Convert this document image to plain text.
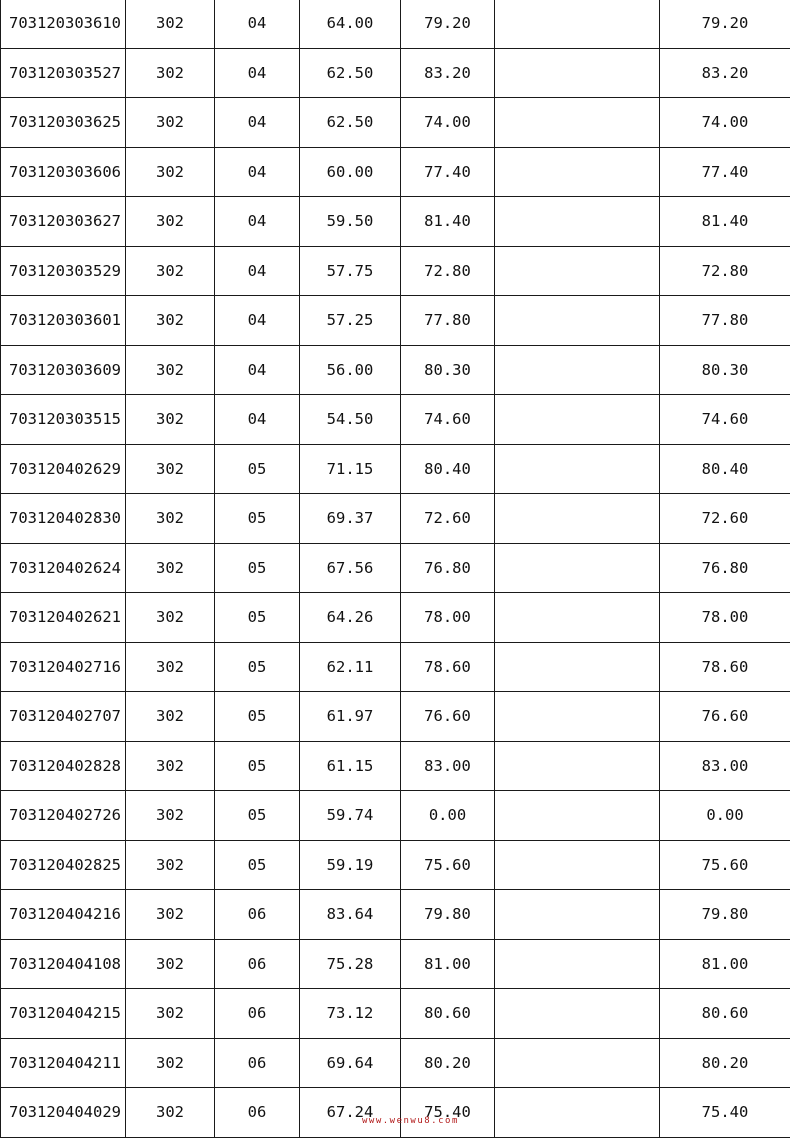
703120303610	302	04	64.00	79.20		79.20
703120303527	302	04	62.50	83.20		83.20
703120303625	302	04	62.50	74.00		74.00
703120303606	302	04	60.00	77.40		77.40
703120303627	302	04	59.50	81.40		81.40
703120303529	302	04	57.75	72.80		72.80
703120303601	302	04	57.25	77.80		77.80
703120303609	302	04	56.00	80.30		80.30
703120303515	302	04	54.50	74.60		74.60
703120402629	302	05	71.15	80.40		80.40
703120402830	302	05	69.37	72.60		72.60
703120402624	302	05	67.56	76.80		76.80
703120402621	302	05	64.26	78.00		78.00
703120402716	302	05	62.11	78.60		78.60
703120402707	302	05	61.97	76.60		76.60
703120402828	302	05	61.15	83.00		83.00
703120402726	302	05	59.74	0.00		0.00
703120402825	302	05	59.19	75.60		75.60
703120404216	302	06	83.64	79.80		79.80
703120404108	302	06	75.28	81.00		81.00
703120404215	302	06	73.12	80.60		80.60
703120404211	302	06	69.64	80.20		80.20
703120404029	302	06	67.24	75.40		75.40
www.wenwu8.com
